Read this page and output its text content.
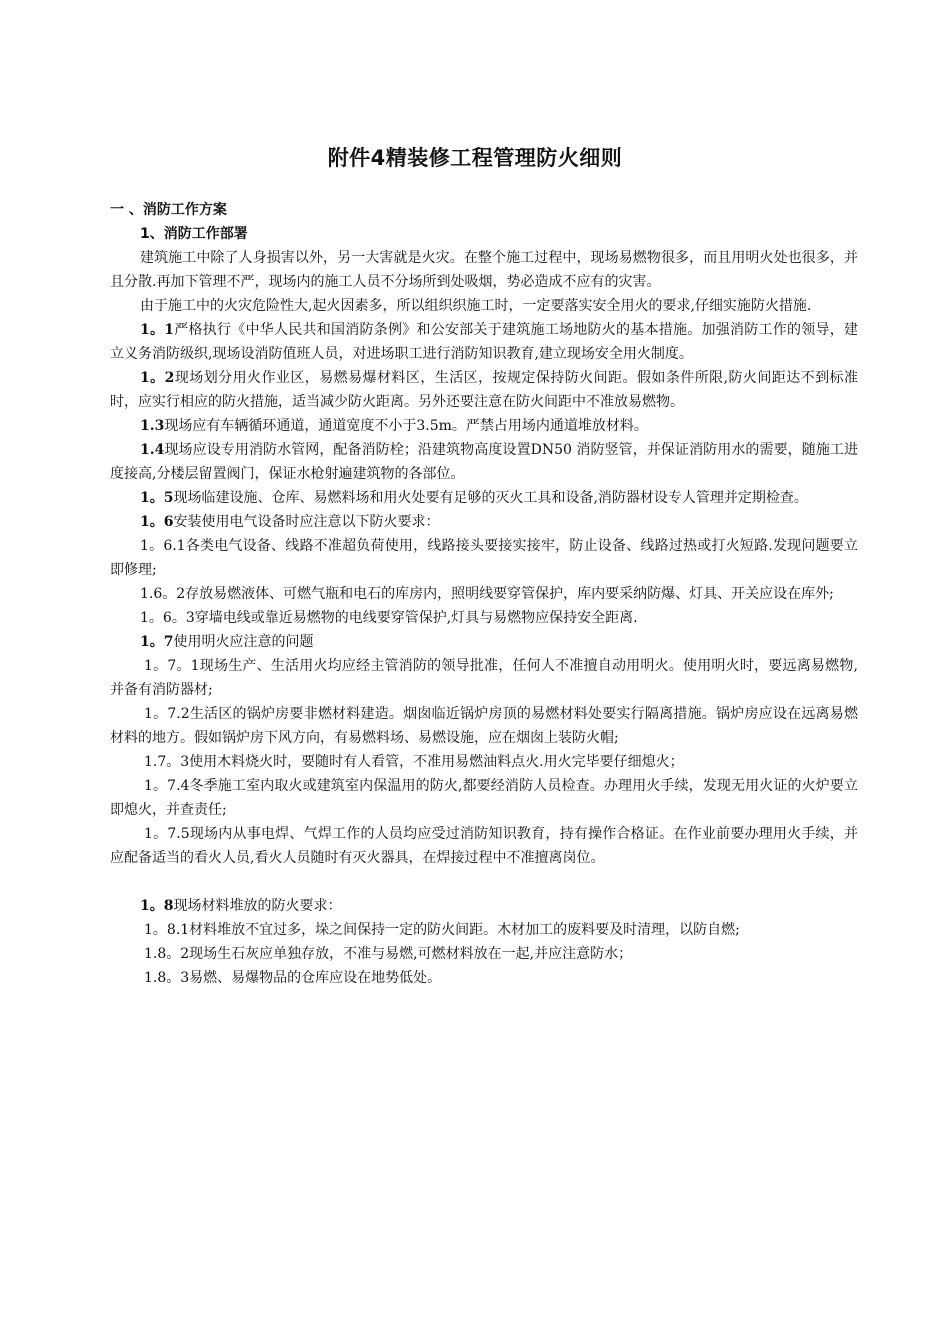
附件4精装修工程管理防火细则
一 、消防工作方案
1、消防工作部署

建筑施工中除了人身损害以外，另一大害就是火灾。在整个施工过程中，现场易燃物很多，而且用明火处也很多，并且分散.再加下管理不严，现场内的施工人员不分场所到处吸烟，势必造成不应有的灾害。

由于施工中的火灾危险性大,起火因素多，所以组织织施工时，一定要落实安全用火的要求,仔细实施防火措施.

1。1严格执行《中华人民共和国消防条例》和公安部关于建筑施工场地防火的基本措施。加强消防工作的领导，建立义务消防级织,现场设消防值班人员，对进场职工进行消防知识教育,建立现场安全用火制度。

1。2现场划分用火作业区，易燃易爆材料区，生活区，按规定保持防火间距。假如条件所限,防火间距达不到标准时，应实行相应的防火措施，适当减少防火距离。另外还要注意在防火间距中不准放易燃物。

1.3现场应有车辆循环通道，通道宽度不小于3.5m。严禁占用场内通道堆放材料。

1.4现场应设专用消防水管网，配备消防栓；沿建筑物高度设置DN50 消防竖管，并保证消防用水的需要，随施工进度接高,分楼层留置阀门，保证水枪射遍建筑物的各部位。

1。5现场临建设施、仓库、易燃料场和用火处要有足够的灭火工具和设备,消防器材设专人管理并定期检查。

1。6安装使用电气设备时应注意以下防火要求：

1。6.1各类电气设备、线路不准超负荷使用，线路接头要接实接牢，防止设备、线路过热或打火短路.发现问题要立即修理;

1.6。2存放易燃液体、可燃气瓶和电石的库房内，照明线要穿管保护，库内要采纳防爆、灯具、开关应设在库外;

1。6。3穿墙电线或靠近易燃物的电线要穿管保护,灯具与易燃物应保持安全距离.

1。7使用明火应注意的问题

1。7。1现场生产、生活用火均应经主管消防的领导批准，任何人不准擅自动用明火。使用明火时，要远离易燃物,并备有消防器材;

1。7.2生活区的锅炉房要非燃材料建造。烟囱临近锅炉房顶的易燃材料处要实行隔离措施。锅炉房应设在远离易燃材料的地方。假如锅炉房下风方向，有易燃料场、易燃设施，应在烟囱上装防火帽;

1.7。3使用木料烧火时，要随时有人看管，不准用易燃油料点火.用火完毕要仔细熄火；

1。7.4冬季施工室内取火或建筑室内保温用的防火,都要经消防人员检查。办理用火手续，发现无用火证的火炉要立即熄火，并查责任;

1。7.5现场内从事电焊、气焊工作的人员均应受过消防知识教育，持有操作合格证。在作业前要办理用火手续，并应配备适当的看火人员,看火人员随时有灭火器具，在焊接过程中不准擅离岗位。

1。8现场材料堆放的防火要求：

1。8.1材料堆放不宜过多，垛之间保持一定的防火间距。木材加工的废料要及时清理，以防自燃;

1.8。2现场生石灰应单独存放，不准与易燃,可燃材料放在一起,并应注意防水；

1.8。3易燃、易爆物品的仓库应设在地势低处。
